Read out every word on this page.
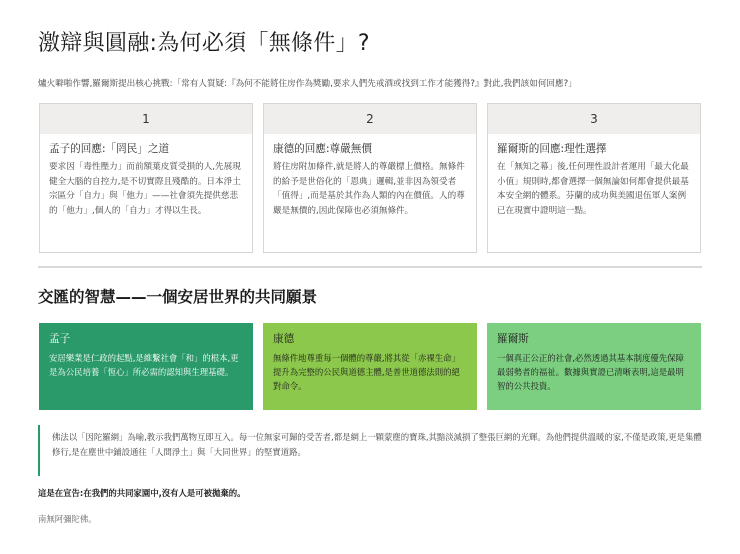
激辯與圓融:為何必須「無條件」?

爐火噼啪作響,羅爾斯提出核心挑戰:「常有人質疑:『為何不能將住房作為獎勵,要求人們先戒酒或找到工作才能獲得?』對此,我們該如何回應?」

1
孟子的回應:「罔民」之道
要求因「毒性壓力」而前額葉皮質受損的人,先展現健全大腦的自控力,是不切實際且殘酷的。日本淨土宗區分「自力」與「他力」——社會須先提供慈悲的「他力」,個人的「自力」才得以生長。
2
康德的回應:尊嚴無價
將住房附加條件,就是將人的尊嚴標上價格。無條件的給予是世俗化的「恩典」邏輯,並非因為領受者「值得」,而是基於其作為人類的內在價值。人的尊嚴是無價的,因此保障也必須無條件。
3
羅爾斯的回應:理性選擇
在「無知之幕」後,任何理性設計者運用「最大化最小值」規則時,都會選擇一個無論如何都會提供最基本安全網的體系。芬蘭的成功與美國退伍軍人案例已在現實中證明這一點。
交匯的智慧——一個安居世界的共同願景
孟子
安居樂業是仁政的起點,是維繫社會「和」的根本,更是為公民培養「恆心」所必需的認知與生理基礎。
康德
無條件地尊重每一個體的尊嚴,將其從「赤裸生命」提升為完整的公民與道德主體,是普世道德法則的絕對命令。
羅爾斯
一個真正公正的社會,必然透過其基本制度優先保障最弱勢者的福祉。數據與實證已清晰表明,這是最明智的公共投資。

佛法以「因陀羅網」為喻,教示我們萬物互即互入。每一位無家可歸的受苦者,都是網上一顆蒙塵的寶珠,其黯淡減損了整張巨網的光輝。為他們提供溫暖的家,不僅是政策,更是集體修行,是在塵世中鋪設通往「人間淨土」與「大同世界」的堅實道路。

這是在宣告:在我們的共同家園中,沒有人是可被拋棄的。

南無阿彌陀佛。
